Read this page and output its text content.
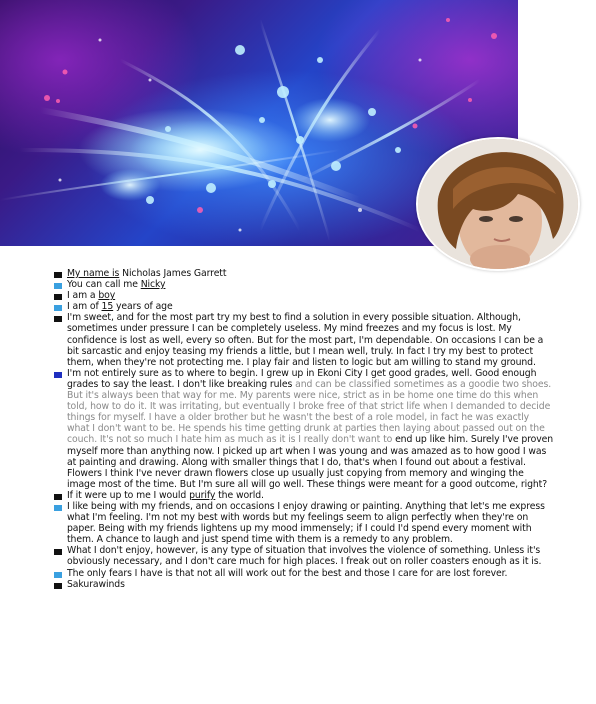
My name is Nicholas James Garrett
You can call me Nicky
I am a boy
I am of 15 years of age
I'm sweet, and for the most part try my best to find a solution in every possible situation. Although, sometimes under pressure I can be completely useless. My mind freezes and my focus is lost. My confidence is lost as well, every so often. But for the most part, I'm dependable. On occasions I can be a bit sarcastic and enjoy teasing my friends a little, but I mean well, truly. In fact I try my best to protect them, when they're not protecting me. I play fair and listen to logic but am willing to stand my ground.
I'm not entirely sure as to where to begin. I grew up in Ekoni City I get good grades, well. Good enough grades to say the least. I don't like breaking rules and can be classified sometimes as a goodie two shoes. But it's always been that way for me. My parents were nice, strict as in be home one time do this when told, how to do it. It was irritating, but eventually I broke free of that strict life when I demanded to decide things for myself. I have a older brother but he wasn't the best of a role model, in fact he was exactly what I don't want to be. He spends his time getting drunk at parties then laying about passed out on the couch. It's not so much I hate him as much as it is I really don't want to end up like him. Surely I've proven myself more than anything now. I picked up art when I was young and was amazed as to how good I was at painting and drawing. Along with smaller things that I do, that's when I found out about a festival. Flowers I think I've never drawn flowers close up usually just copying from memory and winging the image most of the time. But I'm sure all will go well. These things were meant for a good outcome, right?
If it were up to me I would purify the world.
I like being with my friends, and on occasions I enjoy drawing or painting. Anything that let's me express what I'm feeling. I'm not my best with words but my feelings seem to align perfectly when they're on paper. Being with my friends lightens up my mood immensely; if I could I'd spend every moment with them. A chance to laugh and just spend time with them is a remedy to any problem.
What I don't enjoy, however, is any type of situation that involves the violence of something. Unless it's obviously necessary, and I don't care much for high places. I freak out on roller coasters enough as it is.
The only fears I have is that not all will work out for the best and those I care for are lost forever.
Sakurawinds
